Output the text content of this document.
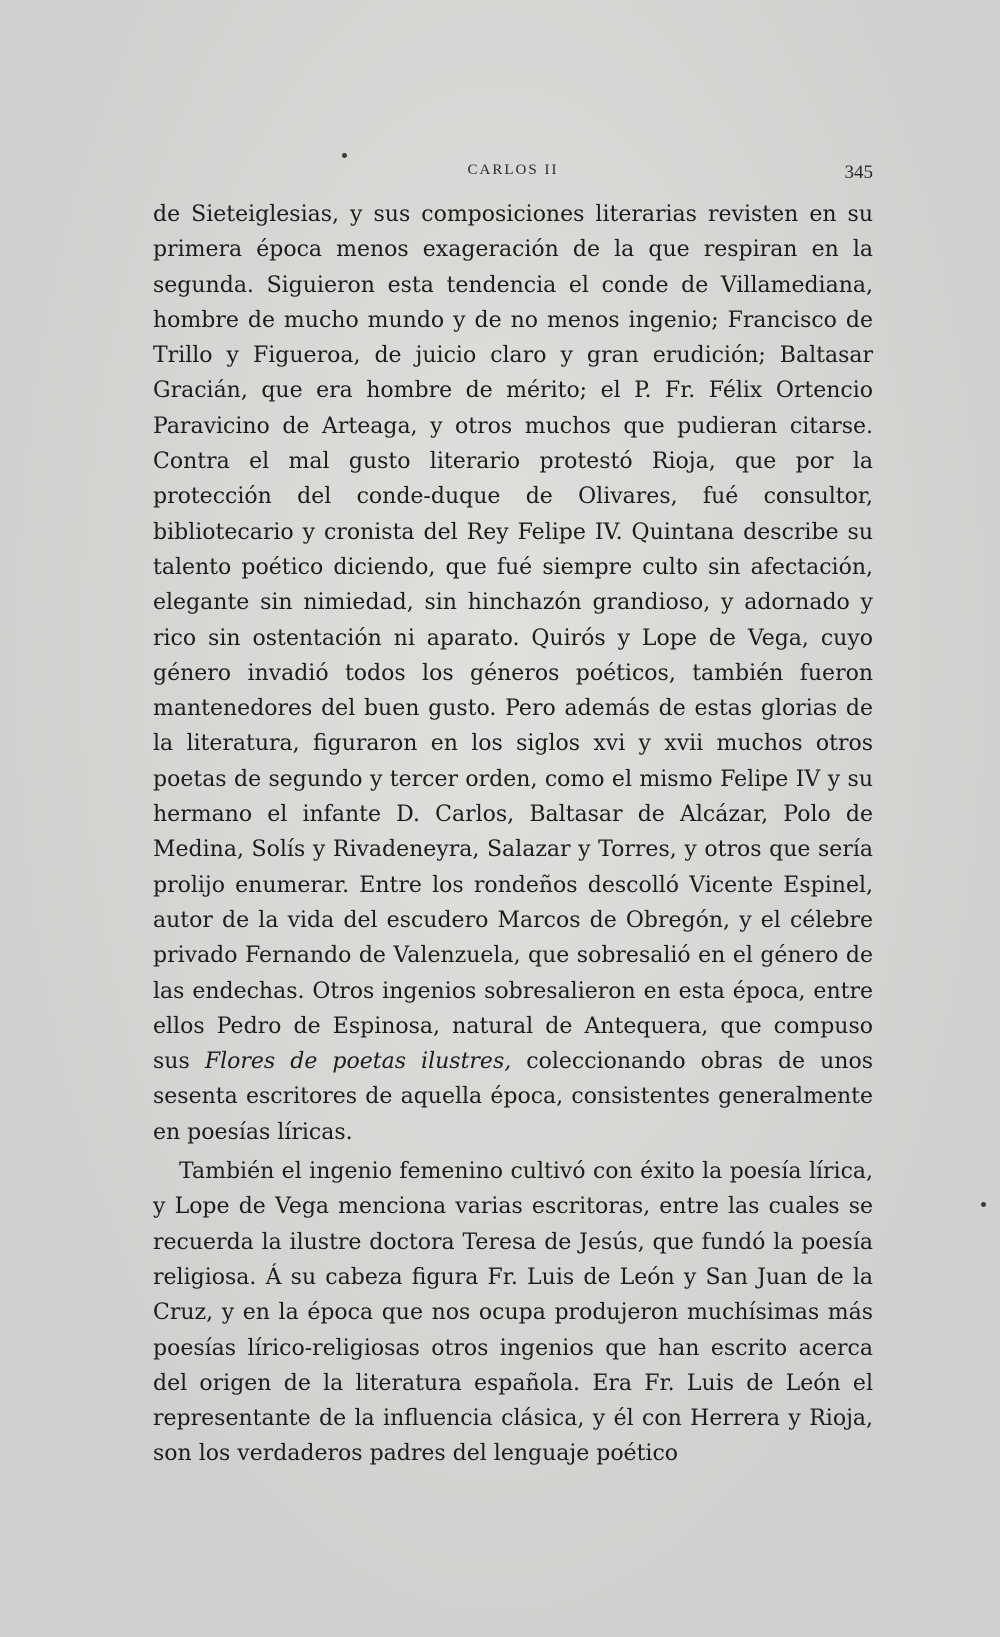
CARLOS II	345

de Sieteiglesias, y sus composiciones literarias revisten en su primera época menos exageración de la que respiran en la segunda. Siguieron esta tendencia el conde de Villamediana, hombre de mucho mundo y de no menos ingenio; Francisco de Trillo y Figueroa, de juicio claro y gran erudición; Baltasar Gracián, que era hombre de mérito; el P. Fr. Félix Ortencio Paravicino de Arteaga, y otros muchos que pudieran citarse. Contra el mal gusto literario protestó Rioja, que por la protección del conde-duque de Olivares, fué consultor, bibliotecario y cronista del Rey Felipe IV. Quintana describe su talento poético diciendo, que fué siempre culto sin afectación, elegante sin nimiedad, sin hinchazón grandioso, y adornado y rico sin ostentación ni aparato. Quirós y Lope de Vega, cuyo género invadió todos los géneros poéticos, también fueron mantenedores del buen gusto. Pero además de estas glorias de la literatura, figuraron en los siglos xvi y xvii muchos otros poetas de segundo y tercer orden, como el mismo Felipe IV y su hermano el infante D. Carlos, Baltasar de Alcázar, Polo de Medina, Solís y Rivadeneyra, Salazar y Torres, y otros que sería prolijo enumerar. Entre los rondeños descolló Vicente Espinel, autor de la vida del escudero Marcos de Obregón, y el célebre privado Fernando de Valenzuela, que sobresalió en el género de las endechas. Otros ingenios sobresalieron en esta época, entre ellos Pedro de Espinosa, natural de Antequera, que compuso sus Flores de poetas ilustres, coleccionando obras de unos sesenta escritores de aquella época, consistentes generalmente en poesías líricas.

También el ingenio femenino cultivó con éxito la poesía lírica, y Lope de Vega menciona varias escritoras, entre las cuales se recuerda la ilustre doctora Teresa de Jesús, que fundó la poesía religiosa. Á su cabeza figura Fr. Luis de León y San Juan de la Cruz, y en la época que nos ocupa produjeron muchísimas más poesías lírico-religiosas otros ingenios que han escrito acerca del origen de la literatura española. Era Fr. Luis de León el representante de la influencia clásica, y él con Herrera y Rioja, son los verdaderos padres del lenguaje poético
